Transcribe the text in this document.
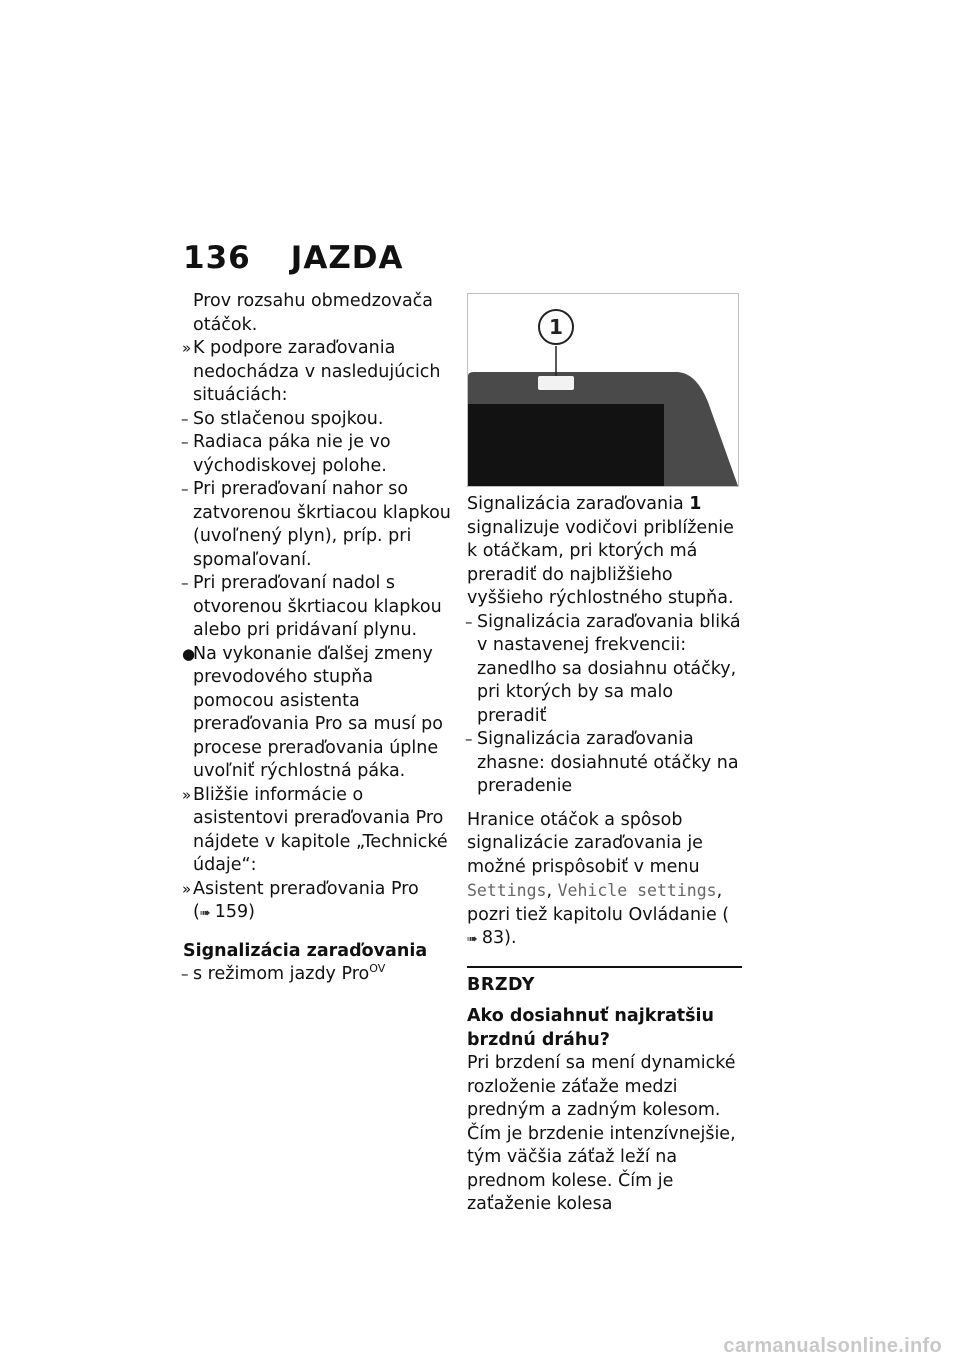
136 JAZDA
Prov rozsahu obmedzovača otáčok.
» K podpore zaraďovania nedochádza v nasledujúcich situáciách:
– So stlačenou spojkou.
– Radiaca páka nie je vo východiskovej polohe.
– Pri preraďovaní nahor so zatvorenou škrtiacou klapkou (uvoľnený plyn), príp. pri spomaľovaní.
– Pri preraďovaní nadol s otvorenou škrtiacou klapkou alebo pri pridávaní plynu.
●
Na vykonanie ďalšej zmeny prevodového stupňa pomocou asistenta preraďovania Pro sa musí po procese preraďovania úplne uvoľniť rýchlostná páka.
» Bližšie informácie o asistentovi preraďovania Pro nájdete v kapitole „Technické údaje“:
» Asistent preraďovania Pro
(➠ 159)
Signalizácia zaraďovania
– s režimom jazdy Pro$^{OV}$
1
Signalizácia zaraďovania 1 signalizuje vodičovi priblíženie k otáčkam, pri ktorých má preradiť do najbližšieho vyššieho rýchlostného stupňa.
– Signalizácia zaraďovania bliká v nastavenej frekvencii: zanedlho sa dosiahnu otáčky, pri ktorých by sa malo preradiť
– Signalizácia zaraďovania zhasne: dosiahnuté otáčky na preradenie
Hranice otáčok a spôsob signalizácie zaraďovania je možné prispôsobiť v menu Settings, Vehicle settings, pozri tiež kapitolu Ovládanie (➠ 83).
BRZDY
Ako dosiahnuť najkratšiu brzdnú dráhu?
Pri brzdení sa mení dynamické rozloženie záťaže medzi predným a zadným kolesom. Čím je brzdenie intenzívnejšie, tým väčšia záťaž leží na prednom kolese. Čím je zaťaženie kolesa
carmanualsonline.info
